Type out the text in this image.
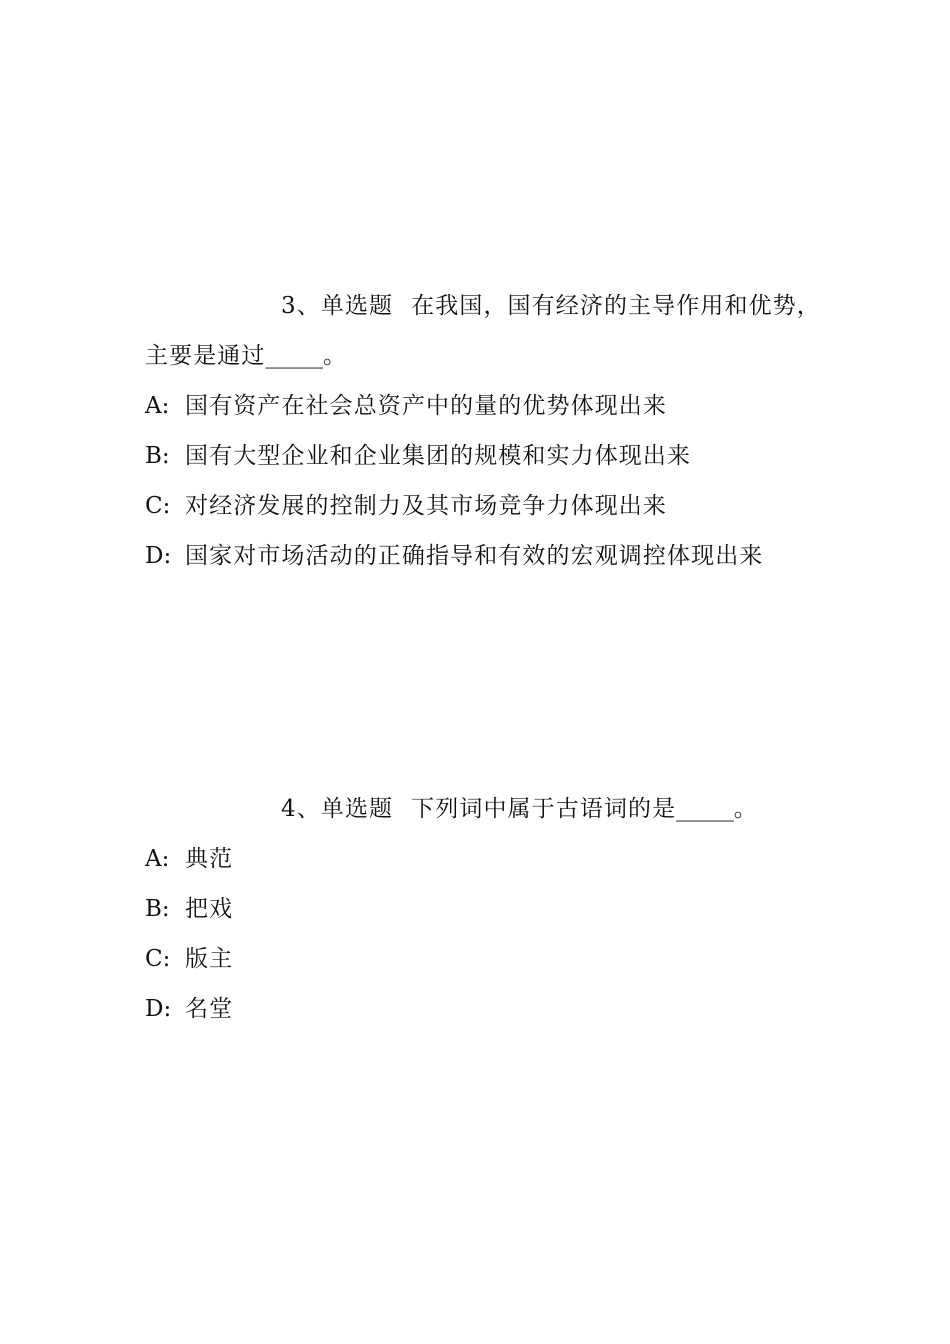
3、单选题 在我国，国有经济的主导作用和优势，主要是通过_____。

A: 国有资产在社会总资产中的量的优势体现出来
B: 国有大型企业和企业集团的规模和实力体现出来
C: 对经济发展的控制力及其市场竞争力体现出来
D: 国家对市场活动的正确指导和有效的宏观调控体现出来

4、单选题 下列词中属于古语词的是_____。

A: 典范
B: 把戏
C: 版主
D: 名堂
